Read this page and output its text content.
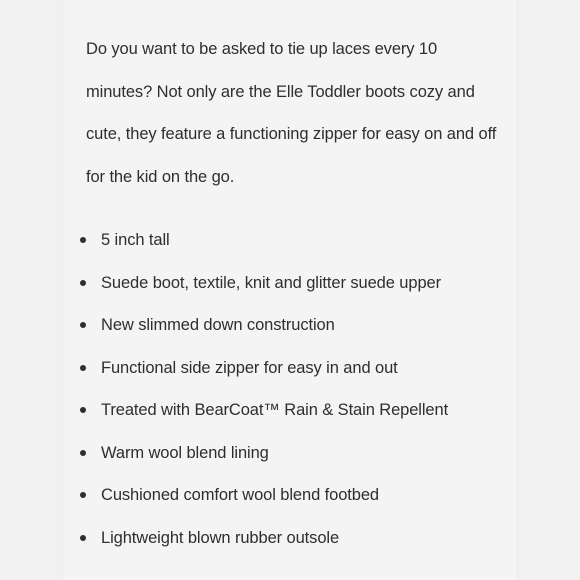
Do you want to be asked to tie up laces every 10 minutes? Not only are the Elle Toddler boots cozy and cute, they feature a functioning zipper for easy on and off for the kid on the go.

5 inch tall
Suede boot, textile, knit and glitter suede upper
New slimmed down construction
Functional side zipper for easy in and out
Treated with BearCoat™ Rain & Stain Repellent
Warm wool blend lining
Cushioned comfort wool blend footbed
Lightweight blown rubber outsole
